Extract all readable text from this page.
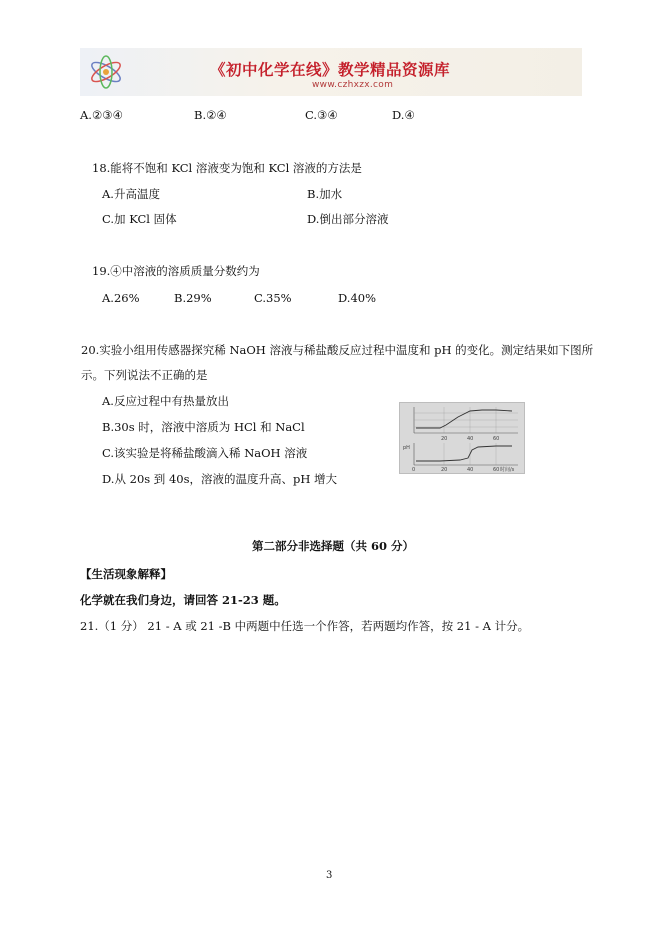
《初中化学在线》教学精品资源库
www.czhxzx.com
A.②③④	B.②④	C.③④	D.④
18.能将不饱和 KCl 溶液变为饱和 KCl 溶液的方法是
A.升高温度	B.加水
C.加 KCl 固体	D.倒出部分溶液
19.④中溶液的溶质质量分数约为
A.26%	B.29%	C.35%	D.40%
20.实验小组用传感器探究稀 NaOH 溶液与稀盐酸反应过程中温度和 pH 的变化。测定结果如下图所
示。下列说法不正确的是
A.反应过程中有热量放出
B.30s 时，溶液中溶质为 HCl 和 NaCl
C.该实验是将稀盐酸滴入稀 NaOH 溶液
D.从 20s 到 40s，溶液的温度升高、pH 增大
20	40	60
pH
0	20	40	60 时间/s
第二部分非选择题（共 60 分）
【生活现象解释】
化学就在我们身边，请回答 21-23 题。
21.（1 分） 21 - A 或 21 -B 中两题中任选一个作答，若两题均作答，按 21 - A 计分。
3
